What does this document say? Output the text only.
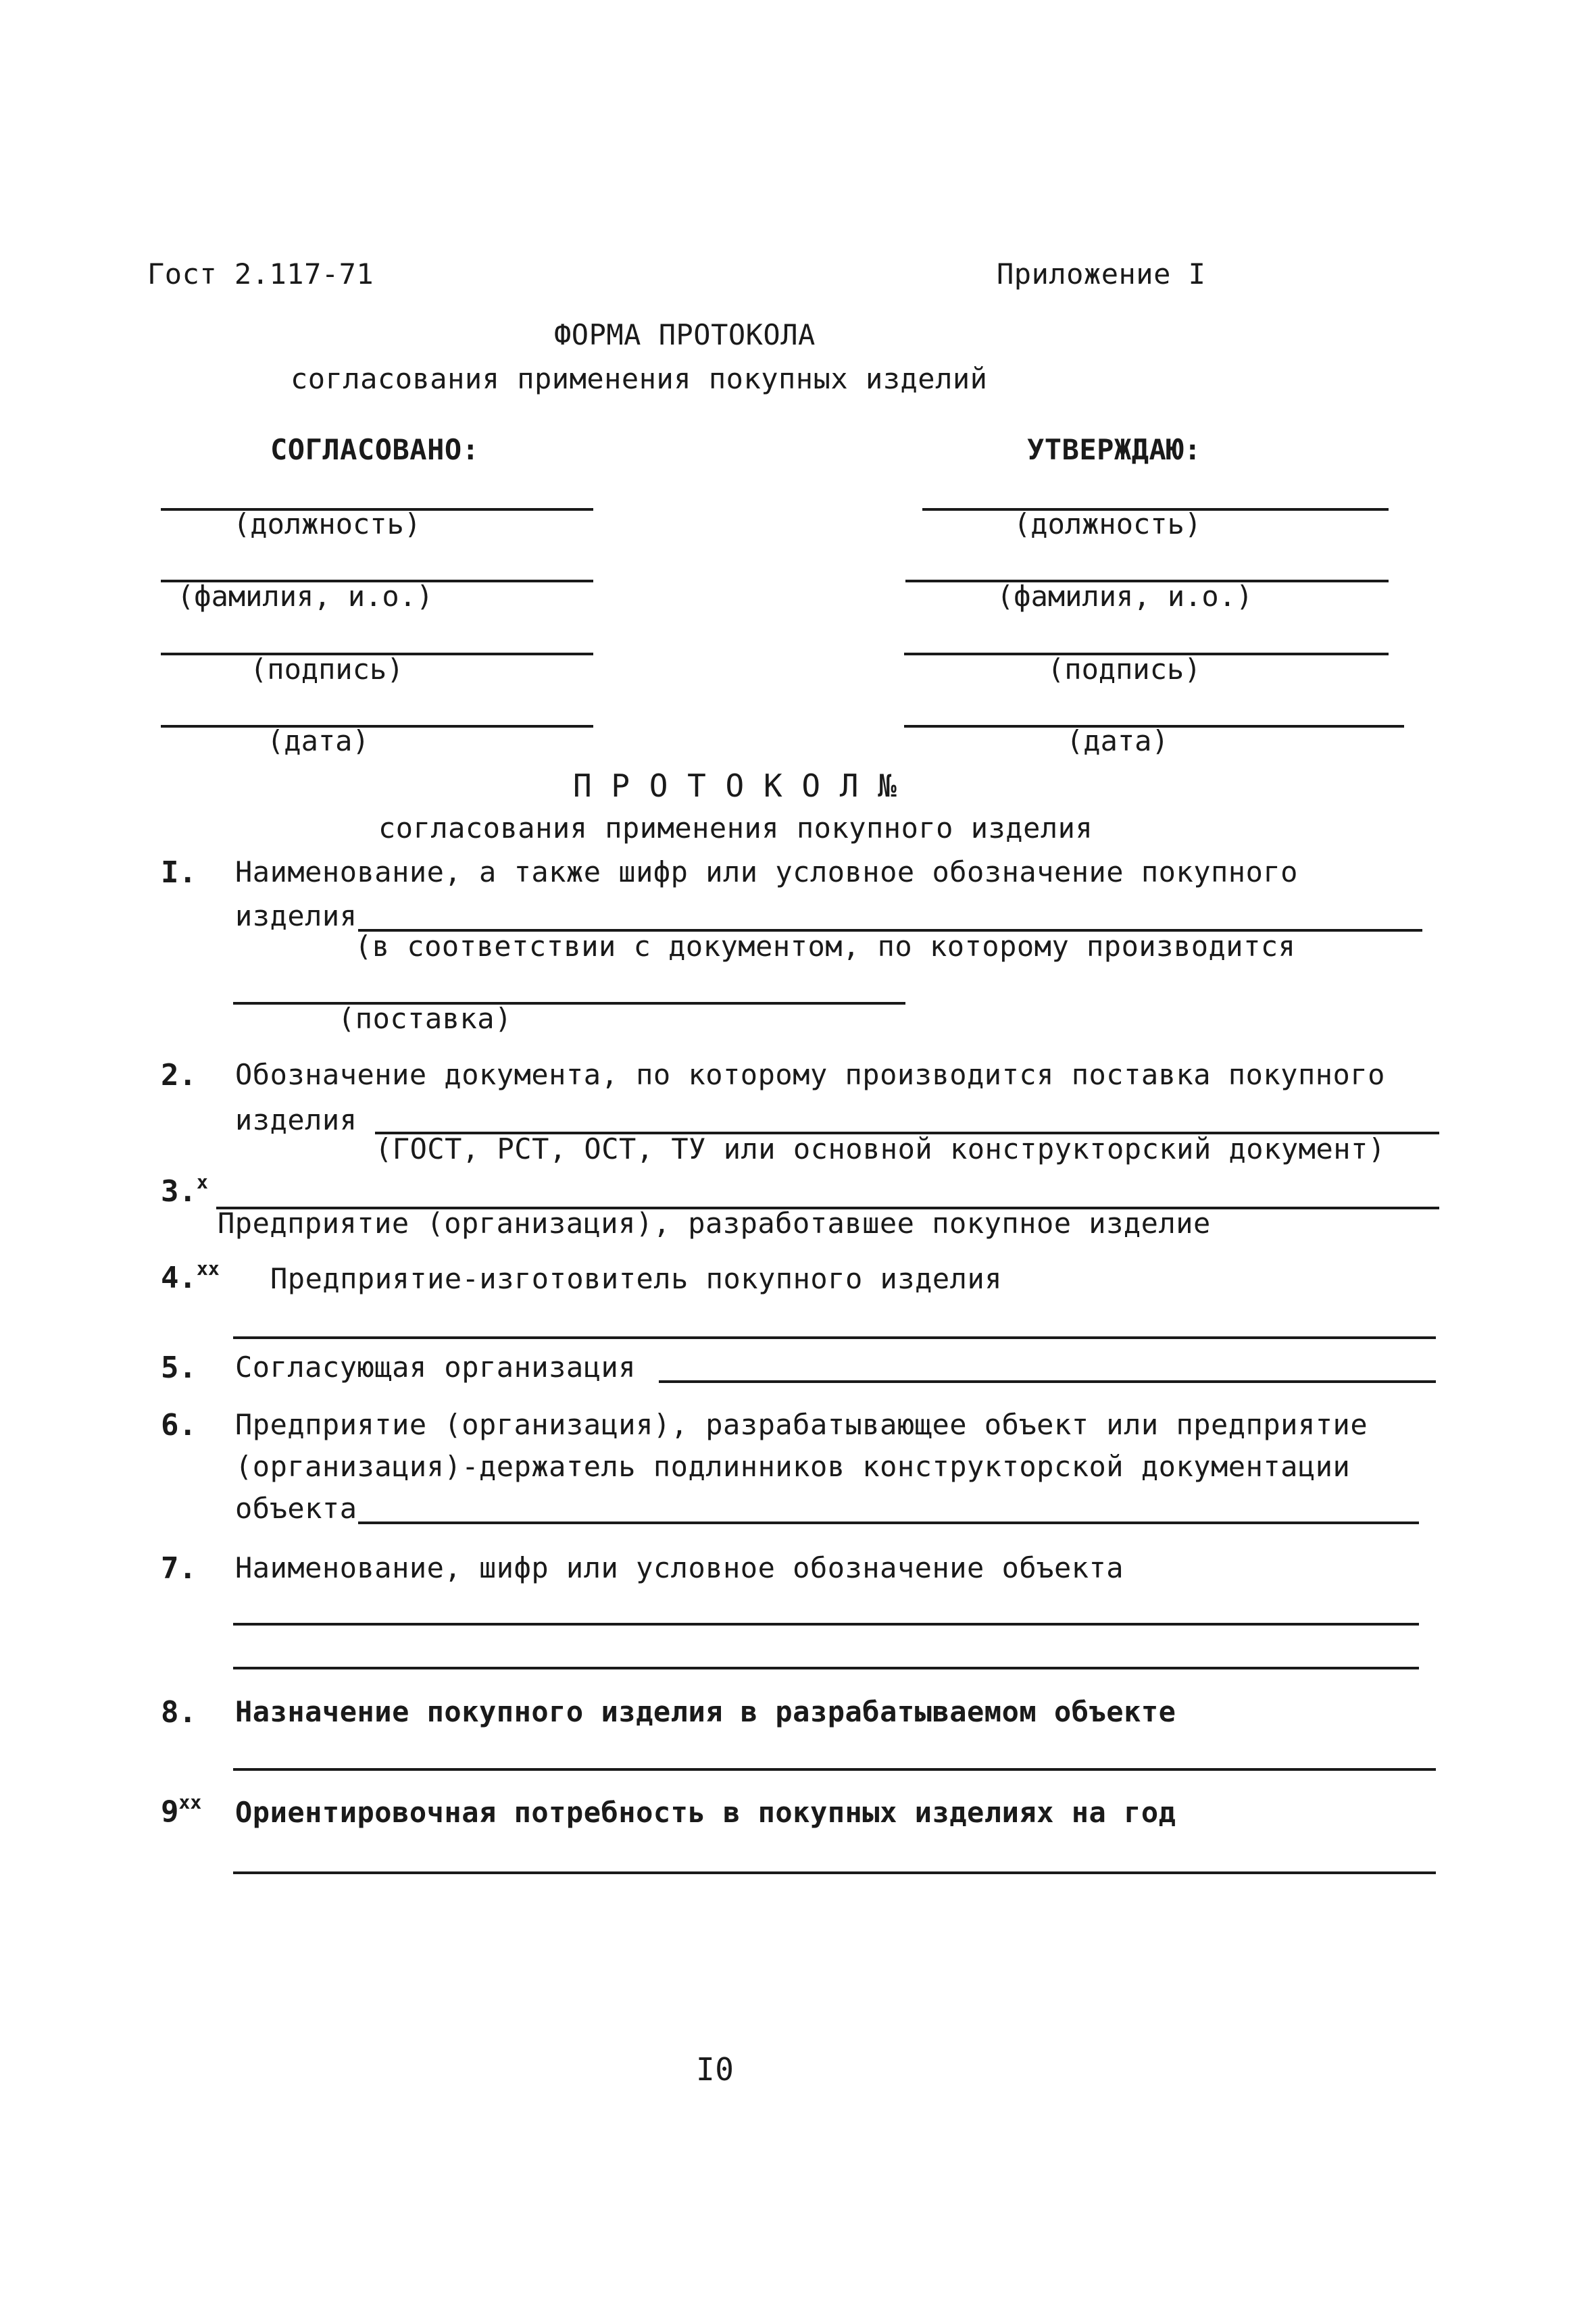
Гост 2.117-71	Приложение I
ФОРМА ПРОТОКОЛА
согласования применения покупных изделий
СОГЛАСОВАНО:	УТВЕРЖДАЮ:
(должность)
(фамилия, и.о.)
(подпись)
(дата)
(должность)
(фамилия, и.о.)
(подпись)
(дата)
П Р О Т О К О Л №
согласования применения покупного изделия
I. Наименование, а также шифр или условное обозначение покупного
изделия
(в соответствии с документом, по которому производится
(поставка)
2. Обозначение документа, по которому производится поставка покупного
изделия
(ГОСТ, РСТ, ОСТ, ТУ или основной конструкторский документ)
3.$^х$
Предприятие (организация), разработавшее покупное изделие
4.$^{хх}$ Предприятие-изготовитель покупного изделия
5. Согласующая организация
6. Предприятие (организация), разрабатывающее объект или предприятие
(организация)-держатель подлинников конструкторской документации
объекта
7. Наименование, шифр или условное обозначение объекта
8. Назначение покупного изделия в разрабатываемом объекте
$9^{хх}$ Ориентировочная потребность в покупных изделиях на год
I0
